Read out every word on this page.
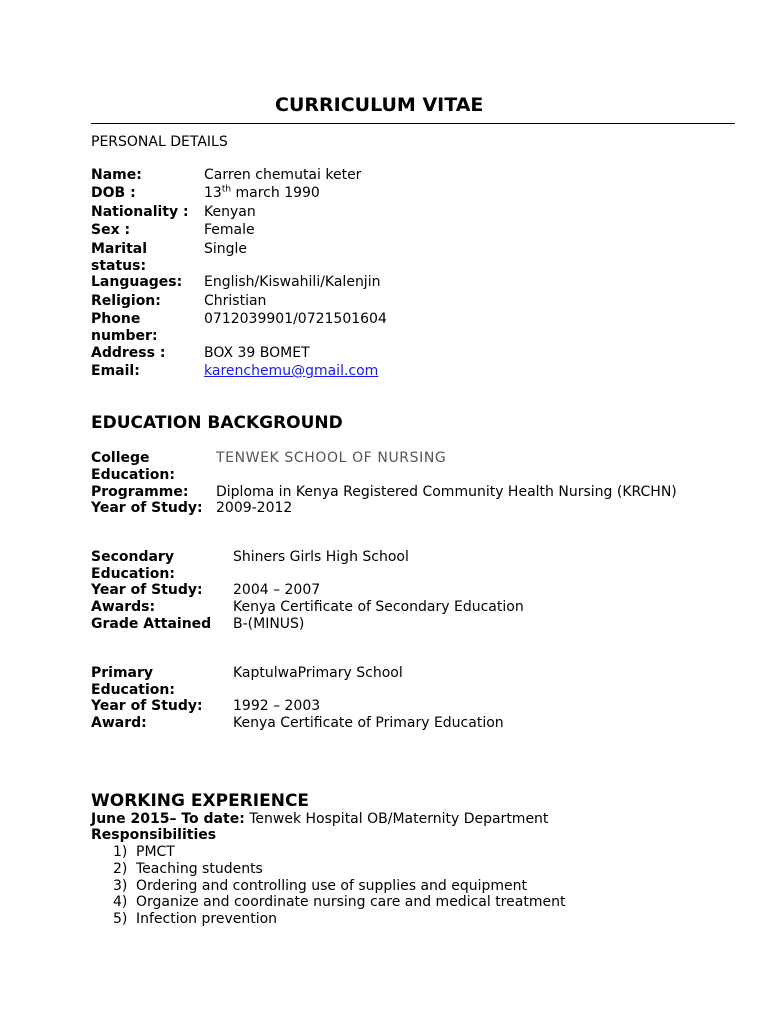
CURRICULUM VITAE
PERSONAL DETAILS
Name:	Carren chemutai keter
DOB :	13th march 1990
Nationality : Kenyan
Sex :	Female
Marital
status:
Single
Languages: English/Kiswahili/Kalenjin
Religion:	Christian
Phone
number:
0712039901/0721501604
Address :	BOX 39 BOMET
Email:	karenchemu@gmail.com
EDUCATION BACKGROUND
College
Education:
TENWEK SCHOOL OF NURSING
Programme: Diploma in Kenya Registered Community Health Nursing (KRCHN)
Year of Study: 2009-2012
Secondary
Education:
Shiners Girls High School
Year of Study: 2004 – 2007
Awards:	Kenya Certificate of Secondary Education
Grade Attained B-(MINUS)
Primary
Education:
KaptulwaPrimary School
Year of Study: 1992 – 2003
Award:	Kenya Certificate of Primary Education
WORKING EXPERIENCE
June 2015– To date: Tenwek Hospital OB/Maternity Department
Responsibilities
1) PMCT
2) Teaching students
3) Ordering and controlling use of supplies and equipment
4) Organize and coordinate nursing care and medical treatment
5) Infection prevention
